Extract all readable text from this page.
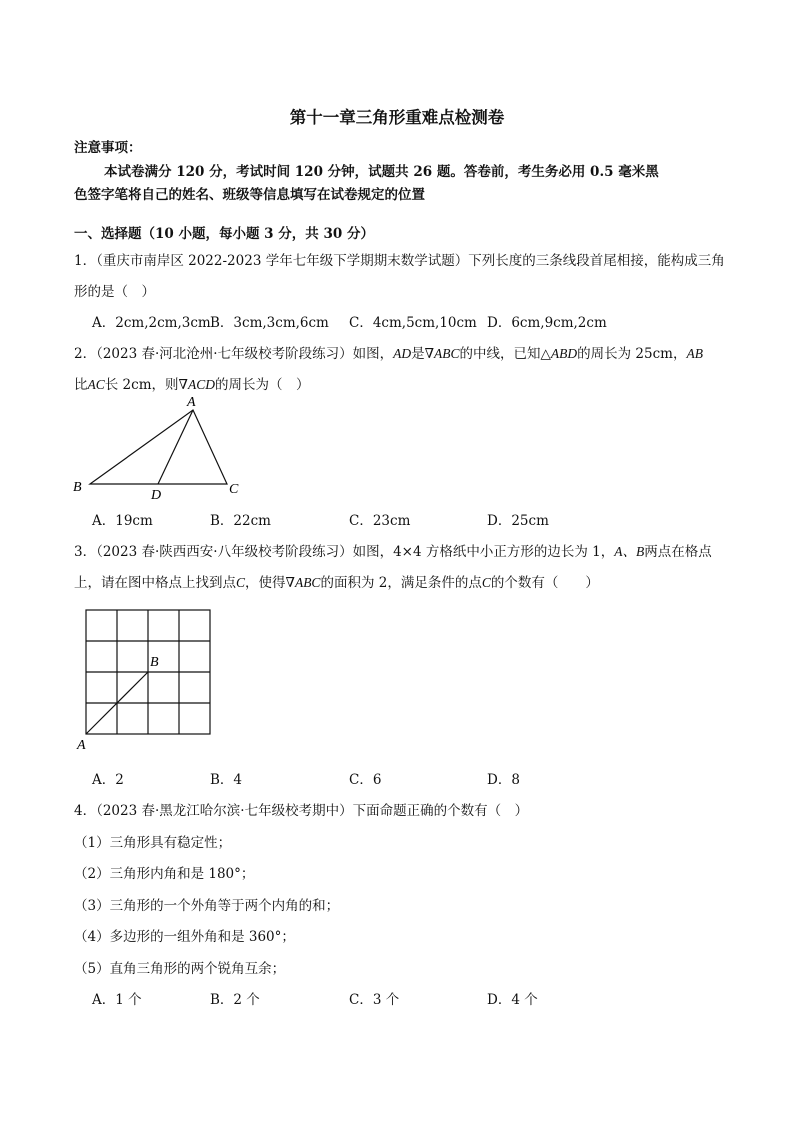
第十一章三角形重难点检测卷
注意事项：
本试卷满分 120 分，考试时间 120 分钟，试题共 26 题。答卷前，考生务必用 0.5 毫米黑
色签字笔将自己的姓名、班级等信息填写在试卷规定的位置
一、选择题（10 小题，每小题 3 分，共 30 分）
1．（重庆市南岸区 2022-2023 学年七年级下学期期末数学试题）下列长度的三条线段首尾相接，能构成三角
形的是（　）
A．2cm,2cm,3cm B．3cm,3cm,6cm C．4cm,5cm,10cm D．6cm,9cm,2cm
2．（2023 春·河北沧州·七年级校考阶段练习）如图，AD是∇ABC的中线，已知△ABD的周长为 25cm，AB
比AC长 2cm，则∇ACD的周长为（　）
A
B
D	C
A．19cm	B．22cm	C．23cm	D．25cm
3．（2023 春·陕西西安·八年级校考阶段练习）如图，4×4 方格纸中小正方形的边长为 1，A、B两点在格点
上，请在图中格点上找到点C，使得∇ABC的面积为 2，满足条件的点C的个数有（　　）
B
A
A．2	B．4	C．6	D．8
4．（2023 春·黑龙江哈尔滨·七年级校考期中）下面命题正确的个数有（　）
（1）三角形具有稳定性；
（2）三角形内角和是 180°；
（3）三角形的一个外角等于两个内角的和；
（4）多边形的一组外角和是 360°；
（5）直角三角形的两个锐角互余；
A．1 个	B．2 个	C．3 个	D．4 个
